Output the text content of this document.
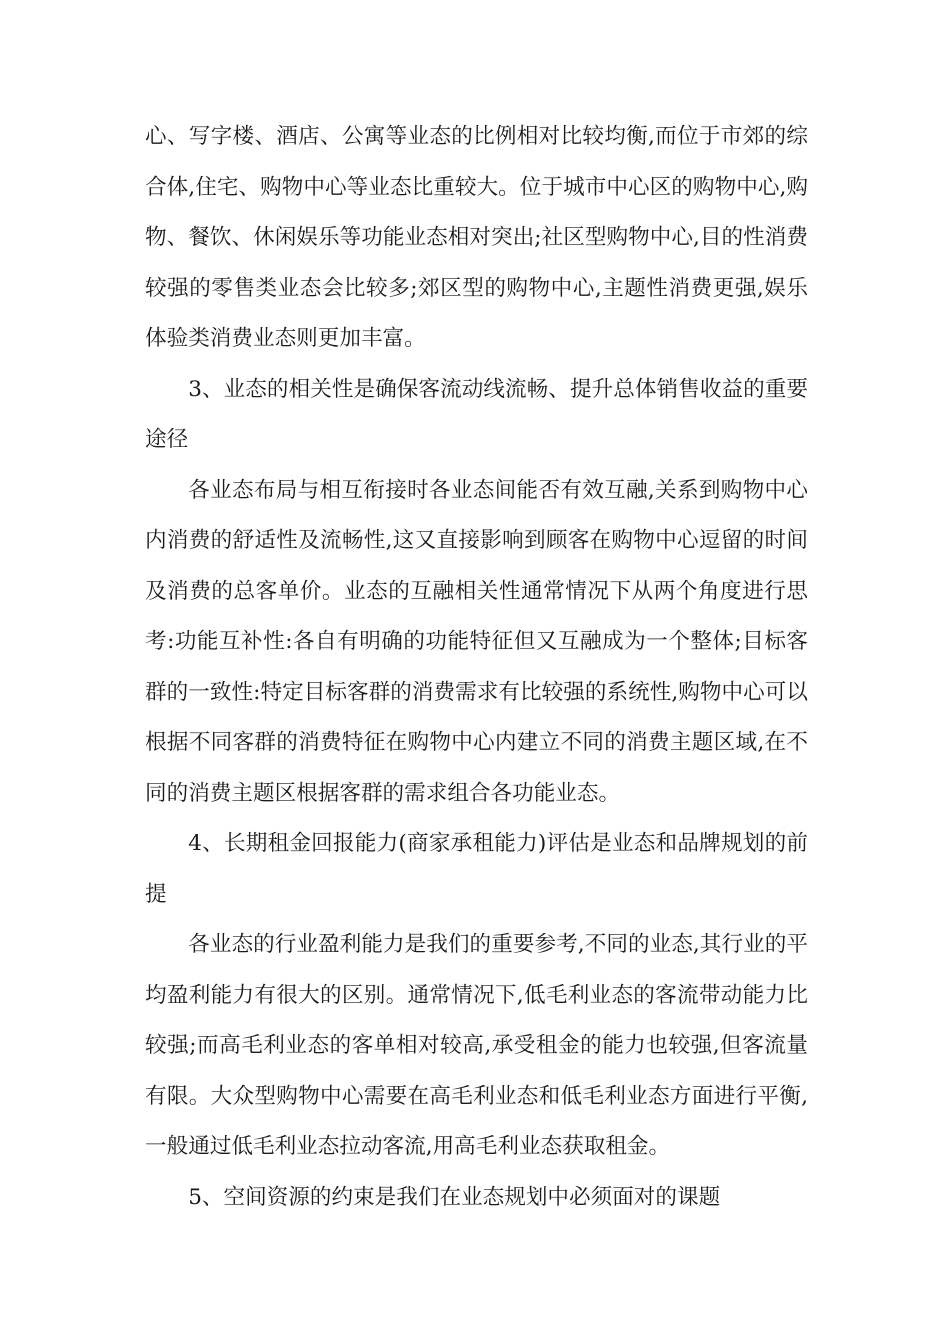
心、写字楼、酒店、公寓等业态的比例相对比较均衡,而位于市郊的综合体,住宅、购物中心等业态比重较大。位于城市中心区的购物中心,购物、餐饮、休闲娱乐等功能业态相对突出;社区型购物中心,目的性消费较强的零售类业态会比较多;郊区型的购物中心,主题性消费更强,娱乐体验类消费业态则更加丰富。

3、业态的相关性是确保客流动线流畅、提升总体销售收益的重要途径

各业态布局与相互衔接时各业态间能否有效互融,关系到购物中心内消费的舒适性及流畅性,这又直接影响到顾客在购物中心逗留的时间及消费的总客单价。业态的互融相关性通常情况下从两个角度进行思考:功能互补性:各自有明确的功能特征但又互融成为一个整体;目标客群的一致性:特定目标客群的消费需求有比较强的系统性,购物中心可以根据不同客群的消费特征在购物中心内建立不同的消费主题区域,在不同的消费主题区根据客群的需求组合各功能业态。

4、长期租金回报能力(商家承租能力)评估是业态和品牌规划的前提

各业态的行业盈利能力是我们的重要参考,不同的业态,其行业的平均盈利能力有很大的区别。通常情况下,低毛利业态的客流带动能力比较强;而高毛利业态的客单相对较高,承受租金的能力也较强,但客流量有限。大众型购物中心需要在高毛利业态和低毛利业态方面进行平衡, 一般通过低毛利业态拉动客流,用高毛利业态获取租金。

5、空间资源的约束是我们在业态规划中必须面对的课题
